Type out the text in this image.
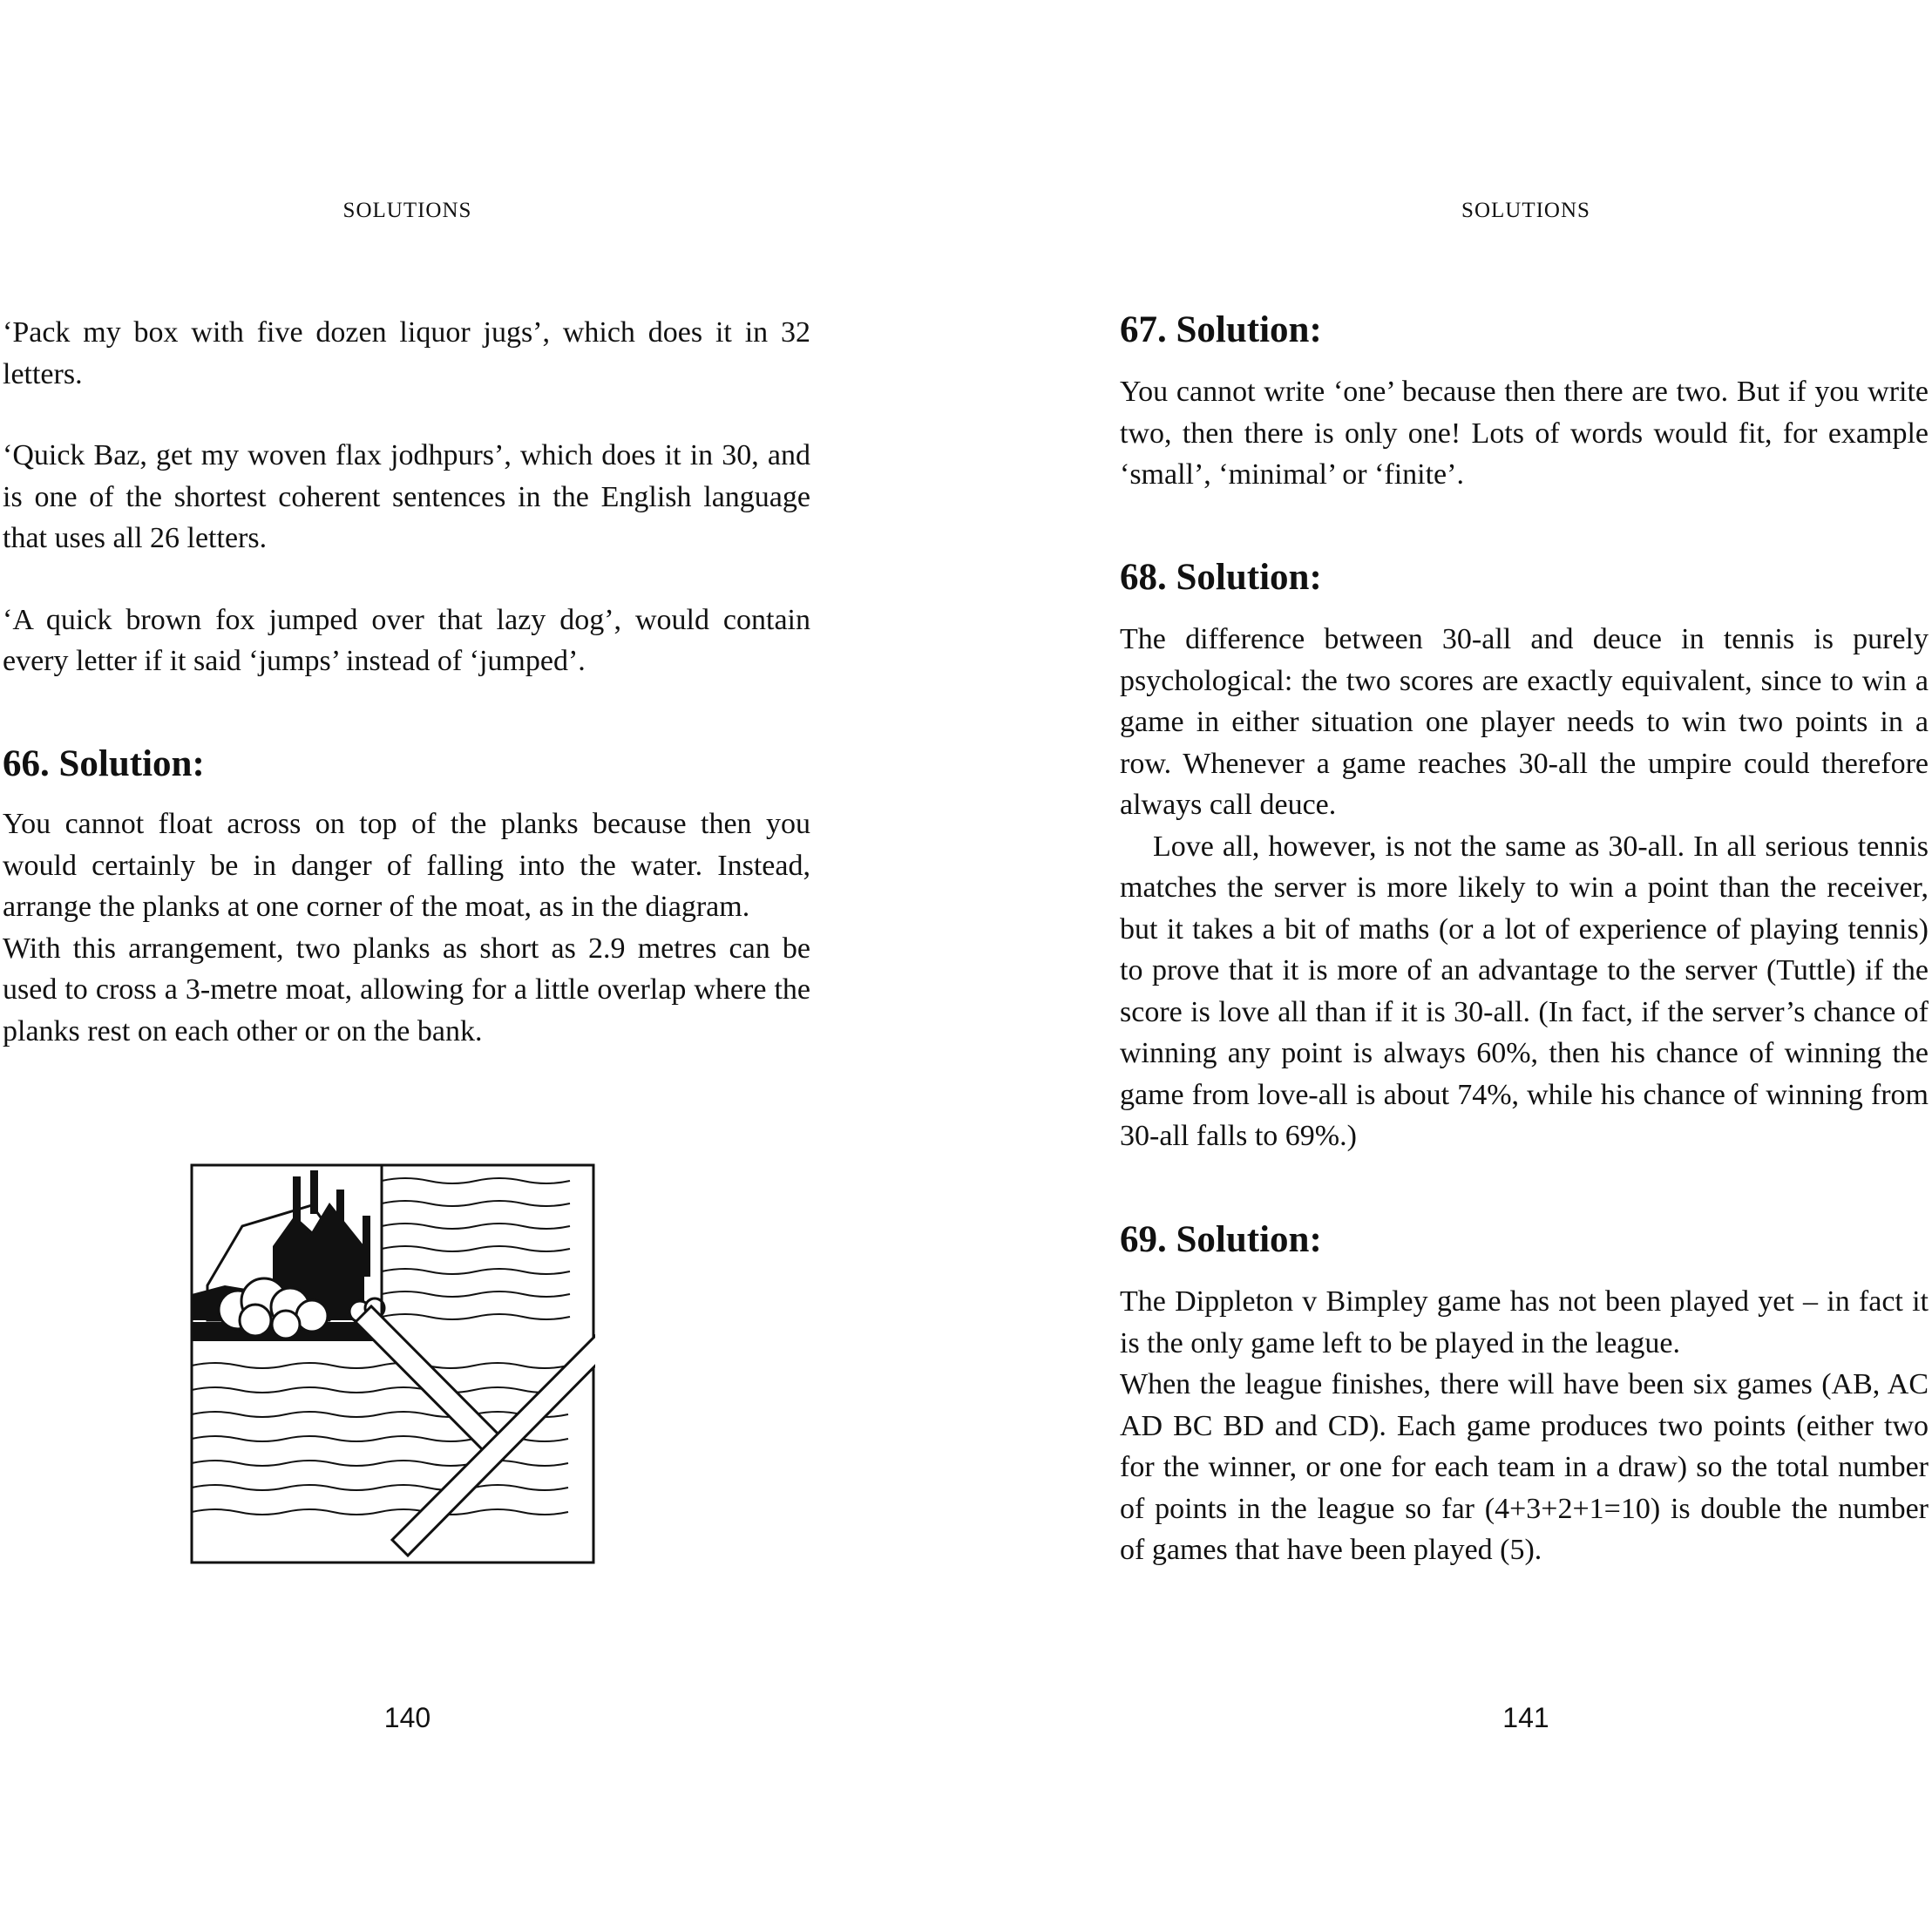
SOLUTIONS

‘Pack my box with five dozen liquor jugs’, which does it in 32 letters.

‘Quick Baz, get my woven flax jodhpurs’, which does it in 30, and is one of the shortest coherent sentences in the English language that uses all 26 letters.

‘A quick brown fox jumped over that lazy dog’, would contain every letter if it said ‘jumps’ instead of ‘jumped’.

66. Solution:

You cannot float across on top of the planks because then you would certainly be in danger of falling into the water. Instead, arrange the planks at one corner of the moat, as in the diagram.

With this arrangement, two planks as short as 2.9 metres can be used to cross a 3-metre moat, allowing for a little overlap where the planks rest on each other or on the bank.

140
SOLUTIONS
67. Solution:

You cannot write ‘one’ because then there are two. But if you write two, then there is only one! Lots of words would fit, for example ‘small’, ‘minimal’ or ‘finite’.

68. Solution:

The difference between 30-all and deuce in tennis is purely psychological: the two scores are exactly equivalent, since to win a game in either situation one player needs to win two points in a row. Whenever a game reaches 30-all the umpire could therefore always call deuce.

Love all, however, is not the same as 30-all. In all serious tennis matches the server is more likely to win a point than the receiver, but it takes a bit of maths (or a lot of experience of playing tennis) to prove that it is more of an advantage to the server (Tuttle) if the score is love all than if it is 30-all. (In fact, if the server’s chance of winning any point is always 60%, then his chance of winning the game from love-all is about 74%, while his chance of winning from 30-all falls to 69%.)

69. Solution:

The Dippleton v Bimpley game has not been played yet – in fact it is the only game left to be played in the league.

When the league finishes, there will have been six games (AB, AC AD BC BD and CD). Each game produces two points (either two for the winner, or one for each team in a draw) so the total number of points in the league so far (4+3+2+1=10) is double the number of games that have been played (5).

141
